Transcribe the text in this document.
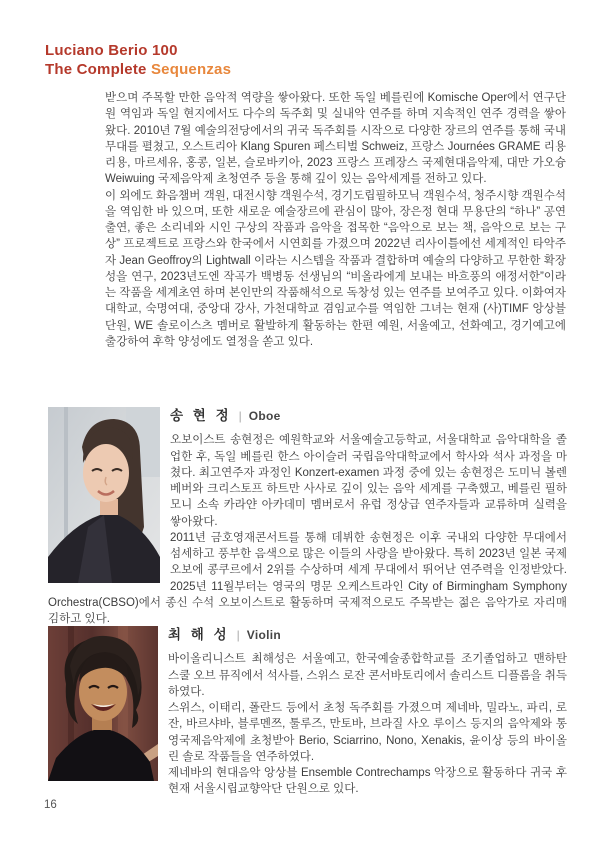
Luciano Berio 100
The Complete Sequenzas

받으며 주목할 만한 음악적 역량을 쌓아왔다. 또한 독일 베를린에 Komische Oper에서 연구단원 역임과 독일 현지에서도 다수의 독주회 및 실내악 연주를 하며 지속적인 연주 경력을 쌓아왔다. 2010년 7월 예술의전당에서의 귀국 독주회를 시작으로 다양한 장르의 연주를 통해 국내 무대를 펼쳤고, 오스트리아 Klang Spuren 페스티벌 Schweiz, 프랑스 Journées GRAME 리용 리용, 마르세유, 홍콩, 일본, 슬로바키아, 2023 프랑스 프레장스 국제현대음악제, 대만 가오슝 Weiwuing 국제음악제 초청연주 등을 통해 깊이 있는 음악세계를 전하고 있다.

이 외에도 화음챔버 객원, 대전시향 객원수석, 경기도립필하모닉 객원수석, 청주시향 객원수석을 역임한 바 있으며, 또한 새로운 예술장르에 관심이 많아, 장은정 현대 무용단의 “하나” 공연 출연, 좋은 소리네와 시인 구상의 작품과 음악을 접목한 “음악으로 보는 책, 음악으로 보는 구상” 프로젝트로 프랑스와 한국에서 시연회를 가졌으며 2022년 리사이틀에선 세계적인 타악주자 Jean Geoffroy의 Lightwall 이라는 시스템을 작품과 결합하며 예술의 다양하고 무한한 확장성을 연구, 2023년도엔 작곡가 백병동 선생님의 “비올라에게 보내는 바흐풍의 애정서한”이라는 작품을 세계초연 하며 본인만의 작품해석으로 독창성 있는 연주를 보여주고 있다. 이화여자대학교, 숙명여대, 중앙대 강사, 가천대학교 겸임교수를 역임한 그녀는 현재 (사)TIMF 앙상블 단원, WE 솔로이스츠 멤버로 활발하게 활동하는 한편 예원, 서울예고, 선화예고, 경기예고에 출강하여 후학 양성에도 열정을 쏟고 있다.

송 현 정 | Oboe

오보이스트 송현정은 예원학교와 서울예술고등학교, 서울대학교 음악대학을 졸업한 후, 독일 베를린 한스 아이슬러 국립음악대학교에서 학사와 석사 과정을 마쳤다. 최고연주자 과정인 Konzert-examen 과정 중에 있는 송현정은 도미닉 볼렌베버와 크리스토프 하트만 사사로 깊이 있는 음악 세계를 구축했고, 베를린 필하모니 소속 카라얀 아카데미 멤버로서 유럽 정상급 연주자들과 교류하며 실력을 쌓아왔다.

2011년 금호영재콘서트를 통해 데뷔한 송현정은 이후 국내외 다양한 무대에서 섬세하고 풍부한 음색으로 많은 이들의 사랑을 받아왔다. 특히 2023년 일본 국제 오보에 콩쿠르에서 2위를 수상하며 세계 무대에서 뛰어난 연주력을 인정받았다. 2025년 11월부터는 영국의 명문 오케스트라인 City of Birmingham Symphony Orchestra(CBSO)에서 종신 수석 오보이스트로 활동하며 국제적으로도 주목받는 젊은 음악가로 자리매김하고 있다.

최 해 성 | Violin

바이올리니스트 최해성은 서울예고, 한국예술종합학교를 조기졸업하고 맨하탄 스쿨 오브 뮤직에서 석사를, 스위스 로잔 콘서바토리에서 솔리스트 디플롬을 취득하였다.

스위스, 이태리, 폴란드 등에서 초청 독주회를 가졌으며 제네바, 밀라노, 파리, 로잔, 바르샤바, 블루멘쯔, 툴루즈, 만토바, 브라질 사오 루이스 등지의 음악제와 통영국제음악제에 초청받아 Berio, Sciarrino, Nono, Xenakis, 윤이상 등의 바이올린 솔로 작품들을 연주하였다.

제네바의 현대음악 앙상블 Ensemble Contrechamps 악장으로 활동하다 귀국 후 현재 서울시립교향악단 단원으로 있다.

16
